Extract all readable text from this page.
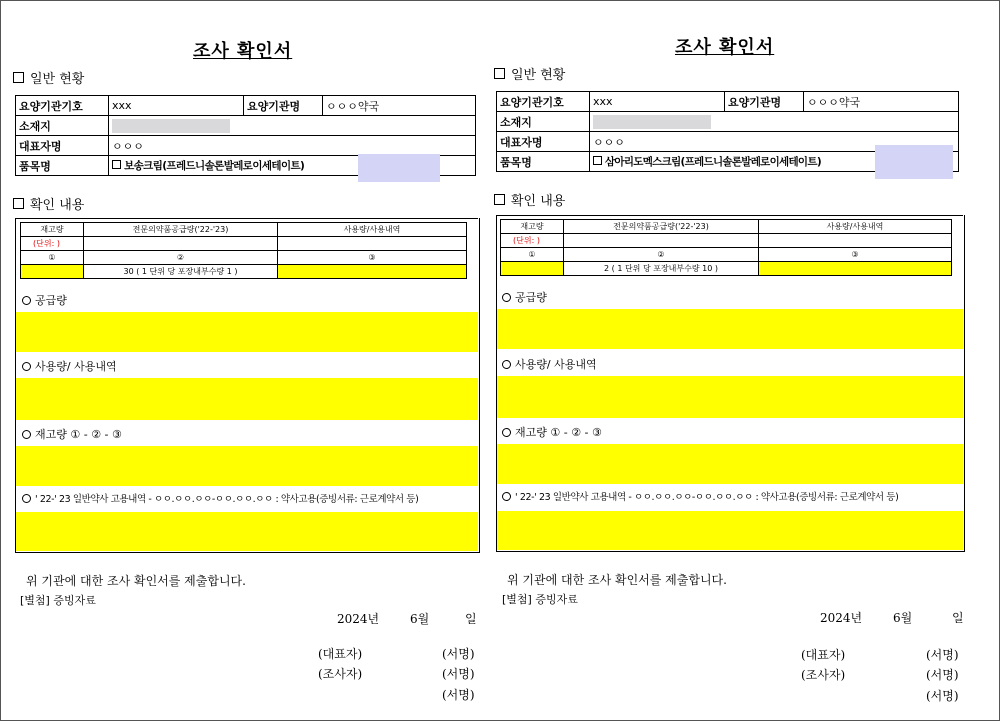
조사 확인서
일반 현황
요양기관기호	xxx	요양기관명	ㅇㅇㅇ약국
소재지			
대표자명	ㅇㅇㅇ		
품목명	보송크림(프레드니솔론발레로이세테이트)		
확인 내용
재고량	전문의약품공급량('22-'23)	사용량/사용내역
(단위: )		
①	②	③
	30 ( 1 단위 당 포장내부수량 1 )	
공급량
사용량/ 사용내역
재고량 ① - ② - ③
' 22-' 23 일반약사 고용내역 - ㅇㅇ.ㅇㅇ.ㅇㅇ-ㅇㅇ.ㅇㅇ.ㅇㅇ : 약사고용(증빙서류: 근로계약서 등)
위 기관에 대한 조사 확인서를 제출합니다.
[별첨] 증빙자료
2024년	6월	일
(대표자)	(서명)
(조사자)	(서명)
(서명)
조사 확인서
일반 현황
요양기관기호	xxx	요양기관명	ㅇㅇㅇ약국
소재지			
대표자명	ㅇㅇㅇ		
품목명	삼아리도멕스크림(프레드니솔론발레로이세테이트)		
확인 내용
재고량	전문의약품공급량('22-'23)	사용량/사용내역
(단위: )		
①	②	③
	2 ( 1 단위 당 포장내부수량 10 )	
공급량
사용량/ 사용내역
재고량 ① - ② - ③
' 22-' 23 일반약사 고용내역 - ㅇㅇ.ㅇㅇ.ㅇㅇ-ㅇㅇ.ㅇㅇ.ㅇㅇ : 약사고용(증빙서류: 근로계약서 등)
위 기관에 대한 조사 확인서를 제출합니다.
[별첨] 증빙자료
2024년	6월	일
(대표자)	(서명)
(조사자)	(서명)
(서명)
